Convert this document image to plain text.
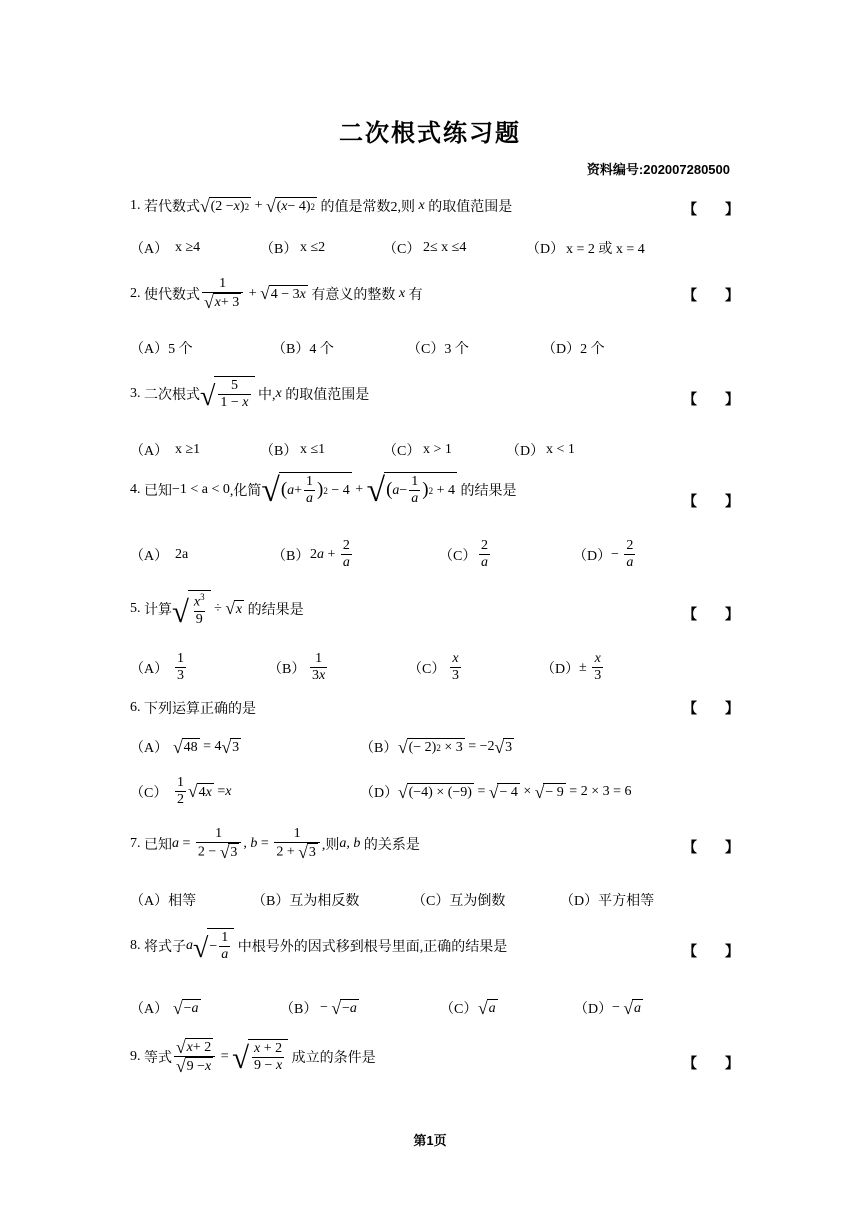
二次根式练习题
资料编号:202007280500
1.
若代数式 √ (2 − x ) 2 + √ ( x − 4) 2
的值是常数2,则
x
的取值范围是	【　　】
（A） x ≥4	（B） x ≤2	（C） 2≤ x ≤4	（D） x = 2 或 x = 4
2.
使代数式 $\frac{1}{√ x + 3}$ + √ 4 − 3 x
有意义的整数
x
有	【　　】
（A）5 个	（B）4 个	（C）3 个	（D）2 个
3.
二次根式 √ $\frac{5}{1 - x}$
中, x
的取值范围是	【　　】
（A） x ≥1	（B） x ≤1	（C） x > 1	（D） x < 1
4.
已知 −1 < a < 0 ,化简 √ ( $a + \frac{1}{a}$ ) 2 − 4 + √ ( $a - \frac{1}{a}$ ) 2 + 4
的结果是
【　　】
（A） 2a	（B） $2a + \frac{2}{a}$	$(C) \frac{2}{a}$	$(D) - \frac{2}{a}$
5.
计算 √ $\frac{x^3}{9}$ ÷ √ x
的结果是	【　　】
$(A) \frac{1}{3}$	$(B) \frac{1}{3x}$	$(C) \frac{x}{3}$	$(D) \pm \frac{x}{3}$
6.
下列运算正确的是	【　　】
（A） √ 48 = 4 √ 3	（B） √ (− 2) 2 × 3 = −2 √ 3
$(C) \frac{1}{2}$ √ 4 x = x	（D） √ (−4) × (−9) = √ − 4 × √ − 9 = 2 × 3 = 6
7.
已知 $a = \frac{1}{2 - √ 3}$ , $b = \frac{1}{2 + √ 3}$ ,则 a, b
的关系是	【　　】
（A）相等	（B）互为相反数	（C）互为倒数	（D）平方相等
8.
将式子 a √ − $\frac{1}{a}$
中根号外的因式移到根号里面,正确的结果是	【　　】
（A） √ − a	（B） − √ − a	（C） √ a	（D） − √ a
9.
等式 $\frac{√ x + 2}{√ 9 - x}$ = √ $\frac{x + 2}{9 - x}$
成立的条件是	【　　】
第1页
